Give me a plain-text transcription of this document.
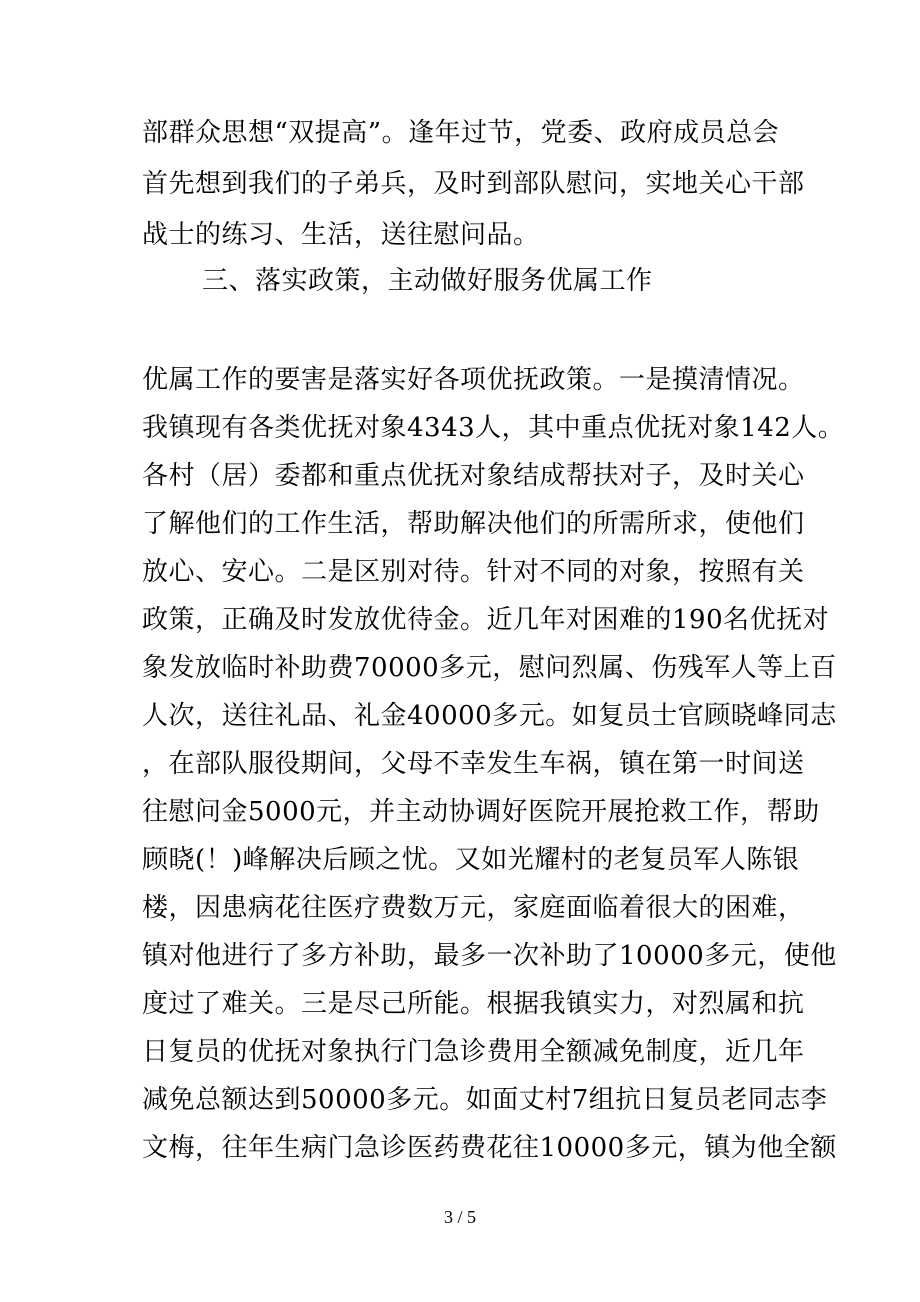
部群众思想“双提高”。逢年过节，党委、政府成员总会
首先想到我们的子弟兵，及时到部队慰问，实地关心干部
战士的练习、生活，送往慰问品。
三、落实政策，主动做好服务优属工作
优属工作的要害是落实好各项优抚政策。一是摸清情况。
我镇现有各类优抚对象4343人，其中重点优抚对象142人。
各村（居）委都和重点优抚对象结成帮扶对子，及时关心
了解他们的工作生活，帮助解决他们的所需所求，使他们
放心、安心。二是区别对待。针对不同的对象，按照有关
政策，正确及时发放优待金。近几年对困难的190名优抚对
象发放临时补助费70000多元，慰问烈属、伤残军人等上百
人次，送往礼品、礼金40000多元。如复员士官顾晓峰同志
，在部队服役期间，父母不幸发生车祸，镇在第一时间送
往慰问金5000元，并主动协调好医院开展抢救工作，帮助
顾晓(！)峰解决后顾之忧。又如光耀村的老复员军人陈银
楼，因患病花往医疗费数万元，家庭面临着很大的困难，
镇对他进行了多方补助，最多一次补助了10000多元，使他
度过了难关。三是尽己所能。根据我镇实力，对烈属和抗
日复员的优抚对象执行门急诊费用全额减免制度，近几年
减免总额达到50000多元。如面丈村7组抗日复员老同志李
文梅，往年生病门急诊医药费花往10000多元，镇为他全额
3 / 5
